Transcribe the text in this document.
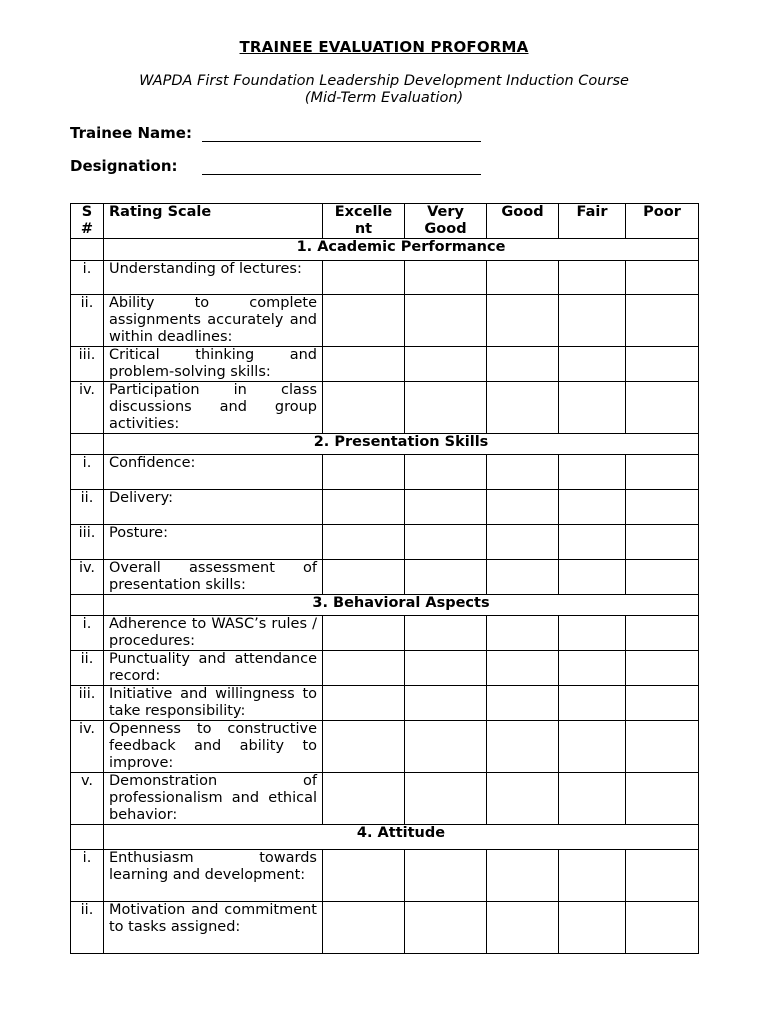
TRAINEE EVALUATION PROFORMA
WAPDA First Foundation Leadership Development Induction Course
(Mid-Term Evaluation)
Trainee Name:
Designation:
S #	Rating Scale	Excelle nt	Very Good	Good	Fair	Poor
	1. Academic Performance					
i.	Understanding of lectures:					
ii.	Ability to complete assignments accurately and within deadlines:					
iii.	Critical thinking and problem-solving skills:					
iv.	Participation in class discussions and group activities:					
	2. Presentation Skills					
i.	Confidence:					
ii.	Delivery:					
iii.	Posture:					
iv.	Overall assessment of presentation skills:					
	3. Behavioral Aspects					
i.	Adherence to WASC’s rules / procedures:					
ii.	Punctuality and attendance record:					
iii.	Initiative and willingness to take responsibility:					
iv.	Openness to constructive feedback and ability to improve:					
v.	Demonstration of professionalism and ethical behavior:					
	4. Attitude					
i.	Enthusiasm towards learning and development:					
ii.	Motivation and commitment to tasks assigned:					
